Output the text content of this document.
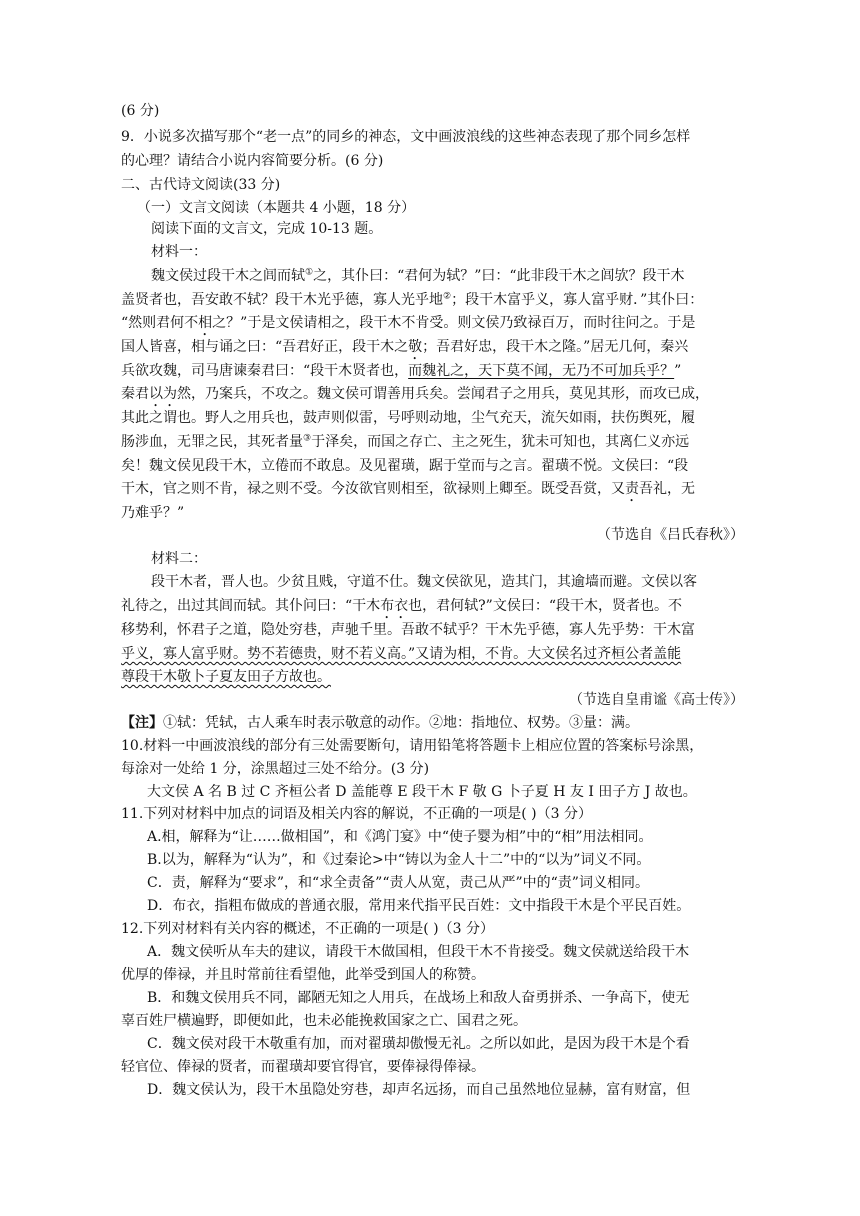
(6 分)
9．小说多次描写那个“老一点”的同乡的神态，文中画波浪线的这些神态表现了那个同乡怎样
的心理？请结合小说内容简要分析。(6 分)
二、古代诗文阅读(33 分)
（一）文言文阅读（本题共 4 小题，18 分）
阅读下面的文言文，完成 10-13 题。
材料一：
魏文侯过段干木之闾而轼①之，其仆曰：“君何为轼？”曰：“此非段干木之闾欤？段干木
盖贤者也，吾安敢不轼？段干木光乎德，寡人光乎地②；段干木富乎义，寡人富乎财．”其仆曰：
“然则君何不相之？”于是文侯请相之，段干木不肯受。则文侯乃致禄百万，而时往问之。于是
国人皆喜，相与诵之曰：“吾君好正，段干木之敬；吾君好忠，段干木之隆。”居无几何，秦兴
兵欲攻魏，司马唐谏秦君曰：“段干木贤者也，而魏礼之，天下莫不闻，无乃不可加兵乎？”
秦君以为然，乃案兵，不攻之。魏文侯可谓善用兵矣。尝闻君子之用兵，莫见其形，而攻已成，
其此之谓也。野人之用兵也，鼓声则似雷，号呼则动地，尘气充天，流矢如雨，扶伤舆死，履
肠涉血，无罪之民，其死者量③于泽矣，而国之存亡、主之死生，犹未可知也，其离仁义亦远
矣！魏文侯见段干木，立倦而不敢息。及见翟璜，踞于堂而与之言。翟璜不悦。文侯曰：“段
干木，官之则不肯，禄之则不受。今汝欲官则相至，欲禄则上卿至。既受吾赏，又责吾礼，无
乃难乎？”
（节选自《吕氏春秋》）
材料二：
段干木者，晋人也。少贫且贱，守道不仕。魏文侯欲见，造其门，其逾墙而避。文侯以客
礼待之，出过其闾而轼。其仆问曰：“干木布衣也，君何轼?”文侯曰：“段干木，贤者也。不
移势利，怀君子之道，隐处穷巷，声驰千里。吾敢不轼乎？干木先乎德，寡人先乎势：干木富
乎义，寡人富乎财。势不若德贵，财不若义高。”又请为相，不肯。大文侯名过齐桓公者盖能
尊段干木敬卜子夏友田子方故也。
（节选自皇甫谧《高士传》）
【注】①轼：凭轼，古人乘车时表示敬意的动作。②地：指地位、权势。③量：满。
10.材料一中画波浪线的部分有三处需要断句，请用铅笔将答题卡上相应位置的答案标号涂黑，
每涂对一处给 1 分，涂黑超过三处不给分。(3 分)
大文侯 A 名 B 过 C 齐桓公者 D 盖能尊 E 段干木 F 敬 G 卜子夏 H 友 I 田子方 J 故也。
11.下列对材料中加点的词语及相关内容的解说，不正确的一项是( )（3 分）
A.相，解释为“让……做相国”，和《鸿门宴》中“使子婴为相”中的“相”用法相同。
B.以为，解释为“认为”，和《过秦论>中“铸以为金人十二”中的“以为”词义不同。
C．责，解释为“要求”，和“求全责备”“责人从宽，责己从严”中的“责”词义相同。
D．布衣，指粗布做成的普通衣服，常用来代指平民百姓：文中指段干木是个平民百姓。
12.下列对材料有关内容的概述，不正确的一项是( )（3 分）
A．魏文侯听从车夫的建议，请段干木做国相，但段干木不肯接受。魏文侯就送给段干木
优厚的俸禄，并且时常前往看望他，此举受到国人的称赞。
B．和魏文侯用兵不同，鄙陋无知之人用兵，在战场上和敌人奋勇拼杀、一争高下，使无
辜百姓尸横遍野，即便如此，也未必能挽救国家之亡、国君之死。
C．魏文侯对段干木敬重有加，而对翟璜却傲慢无礼。之所以如此，是因为段干木是个看
轻官位、俸禄的贤者，而翟璜却要官得官，要俸禄得俸禄。
D．魏文侯认为，段干木虽隐处穷巷，却声名远扬，而自己虽然地位显赫，富有财富，但
